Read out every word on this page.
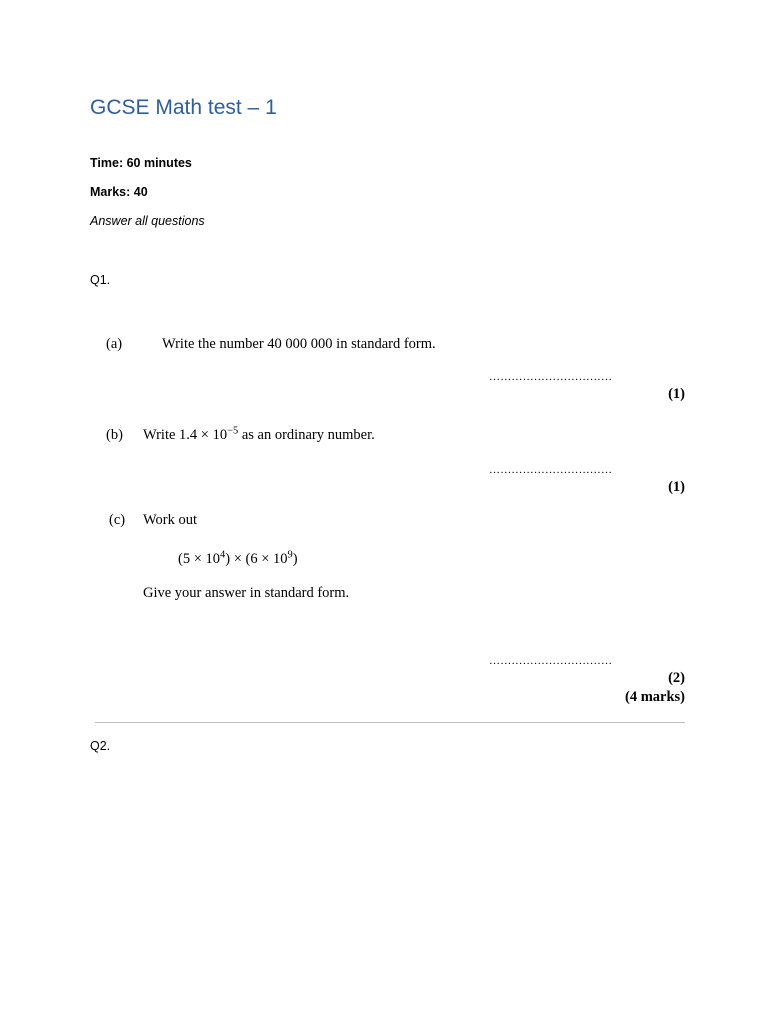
GCSE Math test – 1
Time: 60 minutes
Marks: 40
Answer all questions
Q1.
(a)	Write the number 40 000 000 in standard form.
……………………………
(1)
(b) Write $1.4 \times 10^{-5}$ as an ordinary number.
……………………………
(1)
(c) Work out
$(5 \times 10^4) \times (6 \times 10^9)$
Give your answer in standard form.
……………………………
(2)
(4 marks)
Q2.
